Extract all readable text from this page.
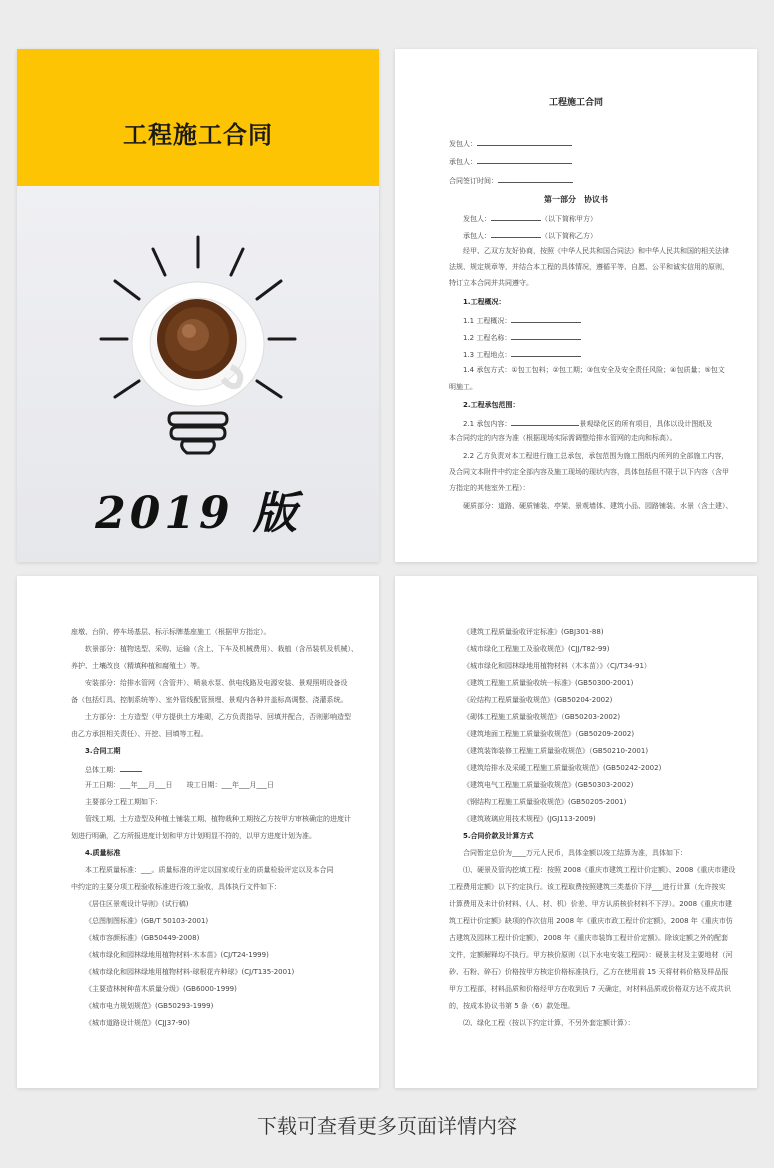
工程施工合同
2019 版
工程施工合同
发包人：
承包人：
合同签订时间：
第一部分　协议书
发包人：	（以下简称甲方）
承包人：	（以下简称乙方）
经甲、乙双方友好协商，按照《中华人民共和国合同法》和中华人民共和国的相关法律
法规、规定规章等，并结合本工程的具体情况，遵循平等、自愿、公平和诚实信用的原则，
特订立本合同并共同遵守。
1.工程概况：
1.1 工程概况：
1.2 工程名称：
1.3 工程地点：
1.4 承包方式：①包工包料；②包工期；③包安全及安全责任风险；④包质量；⑤包文
明施工。
2.工程承包范围：
2.1 承包内容：	景观绿化区的所有项目，具体以设计图纸及
本合同约定的内容为准（根据现场实际需调整给排水管网的走向和标高）。
2.2 乙方负责对本工程进行施工总承包，承包范围为施工图纸内所列的全部施工内容，
及合同文本附件中约定全部内容及施工现场的现状内容，具体包括但不限于以下内容（含甲
方指定的其他室外工程）：
硬质部分：道路、硬质铺装、亭架、景观墙体、建筑小品、园路铺装、水景（含土建）、
座墩、台阶、停车场基层、标示标牌基座施工（根据甲方指定）。
软景部分：植物选型、采购、运输（含上、下车及机械费用）、栽植（含吊装机及机械）、
养护、土壤改良（精填种植和腐殖土）等。
安装部分：给排水管网（含管井）、喷泉水泵、供电线路及电源安装、景观照明设备设
备（包括灯具、控制系统等）、室外管线配管预埋、景观内各种井盖标高调整、浇灌系统。
土方部分：土方造型（甲方提供土方堆砌，乙方负责指导、回填并配合，否则影响造型
由乙方承担相关责任）、开挖、回填等工程。
3.合同工期
总体工期：
开工日期：___年___月___日　　竣工日期：___年___月___日
主要部分工程工期如下：
管线工期、土方造型及种植土铺装工期、植物栽种工期按乙方按甲方审核确定的进度计
划进行明确，乙方所报进度计划和甲方计划明显不符的，以甲方进度计划为准。
4.质量标准
本工程质量标准：___。质量标准的评定以国家或行业的质量检验评定以及本合同
中约定的主要分项工程验收标准进行竣工验收，具体执行文件如下：
《居住区景观设计导则》(试行稿)
《总图制图标准》(GB/T 50103-2001)
《城市容颜标准》(GB50449-2008)
《城市绿化和园林绿地用植物材料-木本苗》(CJ/T24-1999)
《城市绿化和园林绿地用植物材料-球根花卉种球》(CJ/T135-2001)
《主要造林树种苗木质量分级》(GB6000-1999)
《城市电力规划规范》(GB50293-1999)
《城市道路设计规范》(CJJ37-90)
《建筑工程质量验收评定标准》(GBJ301-88)
《城市绿化工程施工及验收规范》(CJJ/T82-99)
《城市绿化和园林绿地用植物材料（木本苗）》（CJ/T34-91）
《建筑工程施工质量验收统一标准》(GB50300-2001)
《砼结构工程质量验收规范》(GB50204-2002)
《砌体工程施工质量验收规范》（GB50203-2002)
《建筑地面工程施工质量验收规范》（GB50209-2002)
《建筑装饰装修工程施工质量验收规范》（GB50210-2001)
《建筑给排水及采暖工程施工质量验收规范》(GB50242-2002)
《建筑电气工程施工质量验收规范》(GB50303-2002)
《钢结构工程施工质量验收规范》(GB50205-2001)
《建筑玻璃应用技术规程》(JGJ113-2009)
5.合同价款及计算方式
合同暂定总价为____万元人民币，具体金额以竣工结算为准，具体如下：
⑴、硬景及管沟挖填工程：按照 2008《重庆市建筑工程计价定额》、2008《重庆市建设
工程费用定额》以下约定执行。该工程取费按照建筑三类基价下浮___进行计算（允许按实
计算费用及未计价材料、(人、材、机）价差、甲方认质核价材料不下浮）。2008《重庆市建
筑工程计价定额》缺项的作次信用 2008 年《重庆市政工程计价定额》，2008 年《重庆市仿
古建筑及园林工程计价定额》，2008 年《重庆市装饰工程计价定额》。除该定额之外的配套
文件，定额解释均不执行。甲方核价原则（以下水电安装工程同）：硬景主材及主要地材（河
砂、石粉、碎石）价格按甲方核定价格标准执行，乙方在使用前 15 天将材料价格及样品报
甲方工程部，材料品质和价格经甲方在收到后 7 天确定，对材料品质或价格双方达不成共识
的，按成本协议书第 5 条（6）款处理。
⑵、绿化工程（按以下约定计算，不另外套定额计算）：
下载可查看更多页面详情内容
